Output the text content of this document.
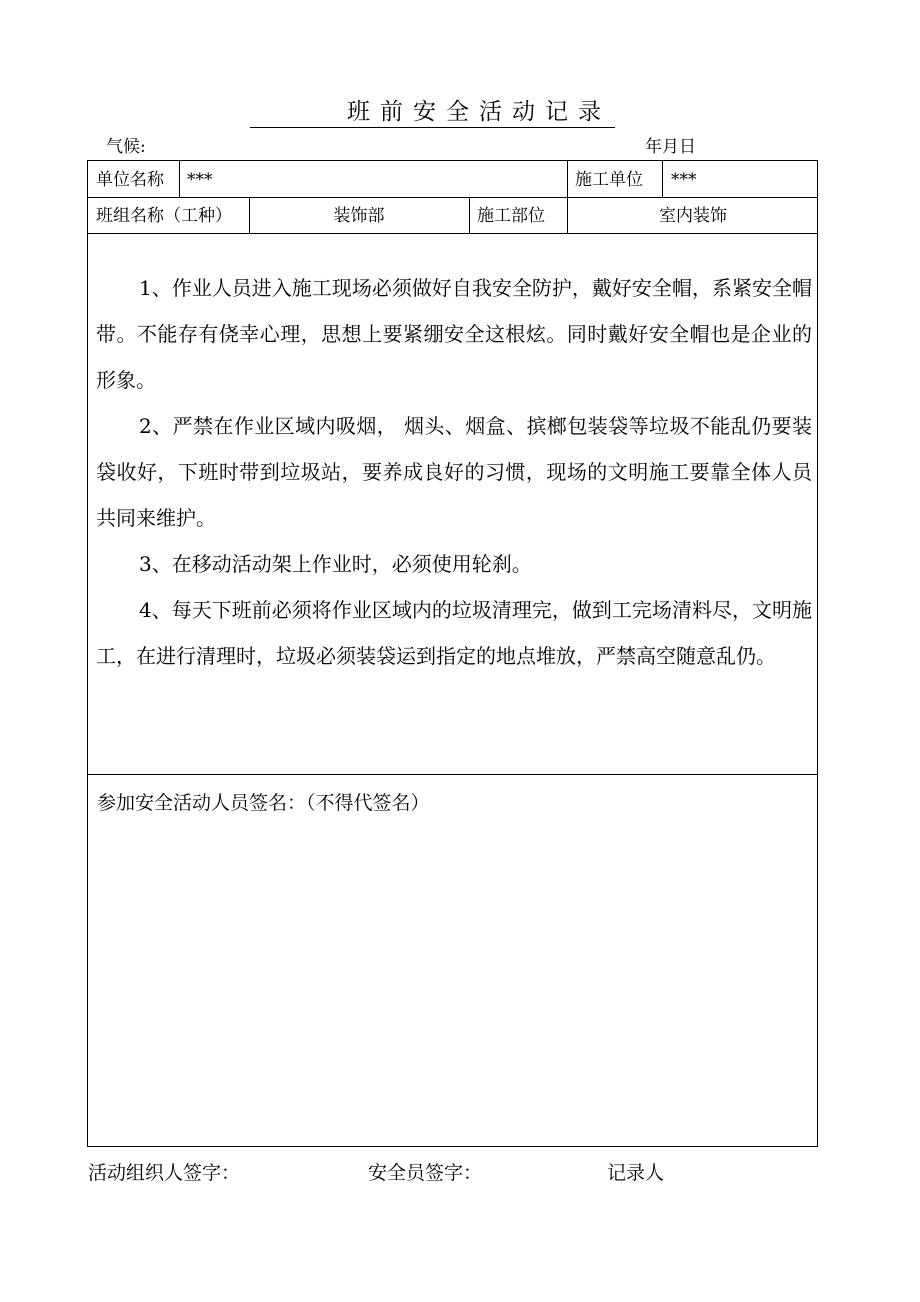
班前安全活动记录
气候:	年月日
单位名称 ***	施工单位 ***
班组名称（工种）	装饰部	施工部位	室内装饰

1、作业人员进入施工现场必须做好自我安全防护，戴好安全帽，系紧安全帽带。不能存有侥幸心理，思想上要紧绷安全这根炫。同时戴好安全帽也是企业的形象。

2、严禁在作业区域内吸烟， 烟头、烟盒、摈榔包装袋等垃圾不能乱仍要装袋收好，下班时带到垃圾站，要养成良好的习惯，现场的文明施工要靠全体人员共同来维护。

3、在移动活动架上作业时，必须使用轮刹。

4、每天下班前必须将作业区域内的垃圾清理完，做到工完场清料尽，文明施工，在进行清理时，垃圾必须装袋运到指定的地点堆放，严禁高空随意乱仍。

参加安全活动人员签名：（不得代签名）
活动组织人签字：	安全员签字：	记录人
